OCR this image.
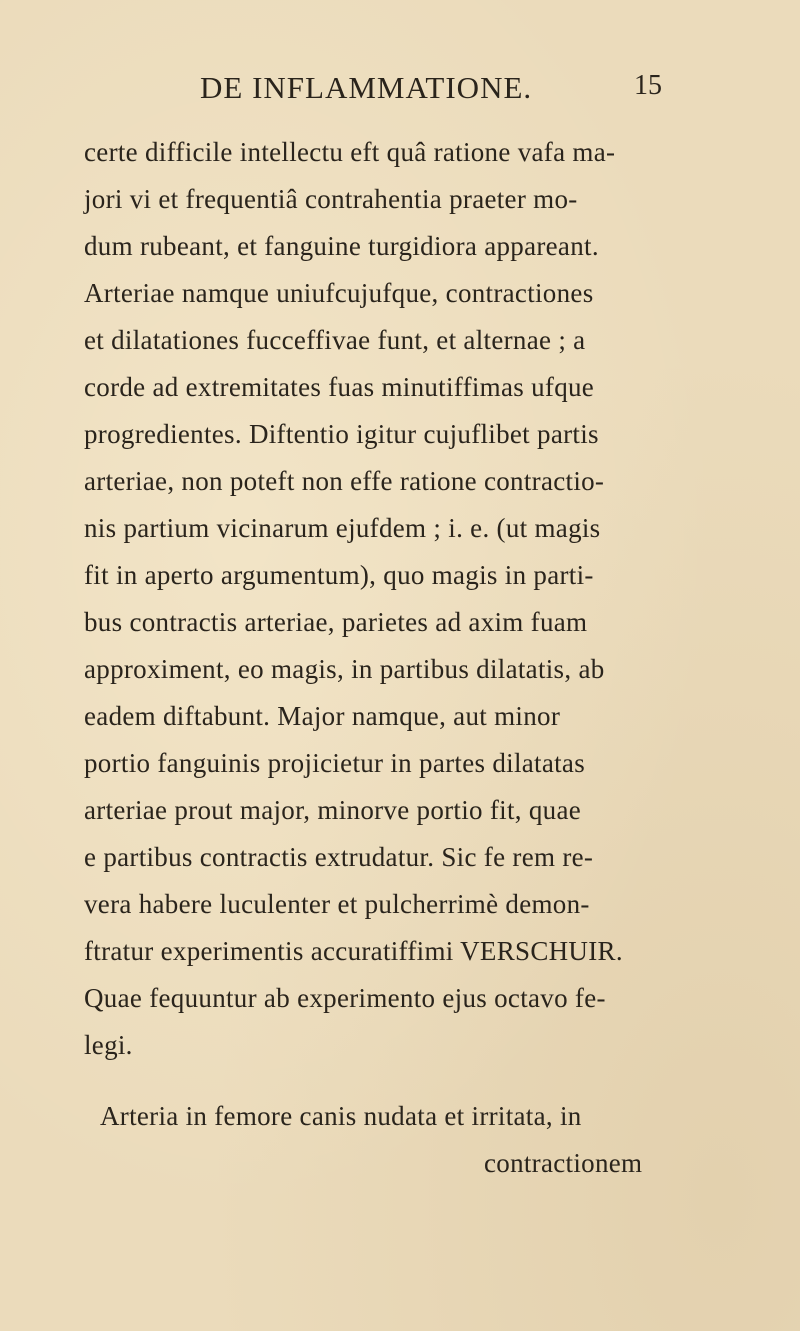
DE INFLAMMATIONE.	15
certe difficile intellectu eft quâ ratione vafa ma-
jori vi et frequentiâ contrahentia praeter mo-
dum rubeant, et fanguine turgidiora appareant.
Arteriae namque uniufcujufque, contractiones
et dilatationes fucceffivae funt, et alternae ; a
corde ad extremitates fuas minutiffimas ufque
progredientes. Diftentio igitur cujuflibet partis
arteriae, non poteft non effe ratione contractio-
nis partium vicinarum ejufdem ; i. e. (ut magis
fit in aperto argumentum), quo magis in parti-
bus contractis arteriae, parietes ad axim fuam
approximent, eo magis, in partibus dilatatis, ab
eadem diftabunt. Major namque, aut minor
portio fanguinis projicietur in partes dilatatas
arteriae prout major, minorve portio fit, quae
e partibus contractis extrudatur. Sic fe rem re-
vera habere luculenter et pulcherrimè demon-
ftratur experimentis accuratiffimi VERSCHUIR.
Quae fequuntur ab experimento ejus octavo fe-
legi.
Arteria in femore canis nudata et irritata, in
contractionem
